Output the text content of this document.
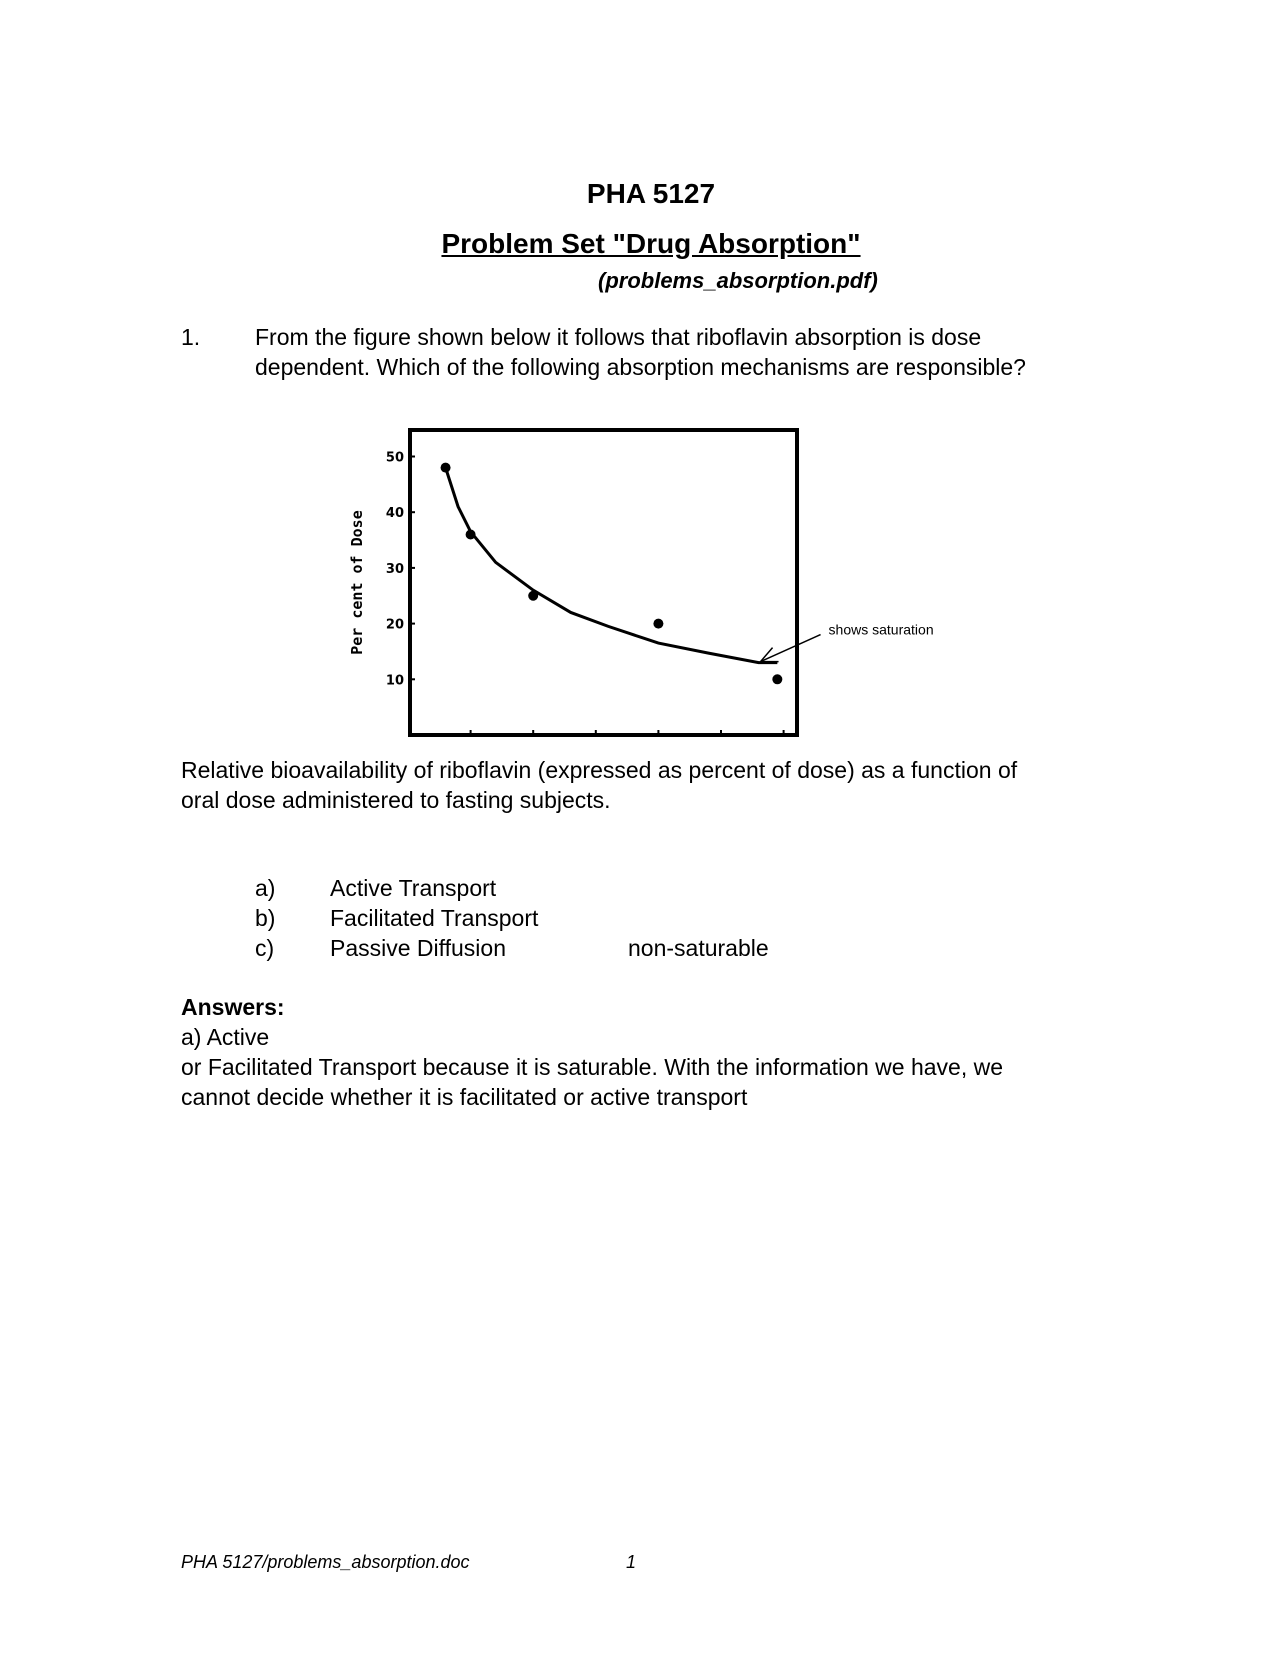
PHA 5127
Problem Set "Drug Absorption"
(problems_absorption.pdf)
1. From the figure shown below it follows that riboflavin absorption is dose
dependent. Which of the following absorption mechanisms are responsible?
10
20
30
40
50
Per cent of Dose	shows saturation
Relative bioavailability of riboflavin (expressed as percent of dose) as a function of
oral dose administered to fasting subjects.
a) Active Transport
b) Facilitated Transport
c) Passive Diffusion	non-saturable
Answers:
a) Active
or Facilitated Transport because it is saturable. With the information we have, we
cannot decide whether it is facilitated or active transport
PHA 5127/problems_absorption.doc	1
